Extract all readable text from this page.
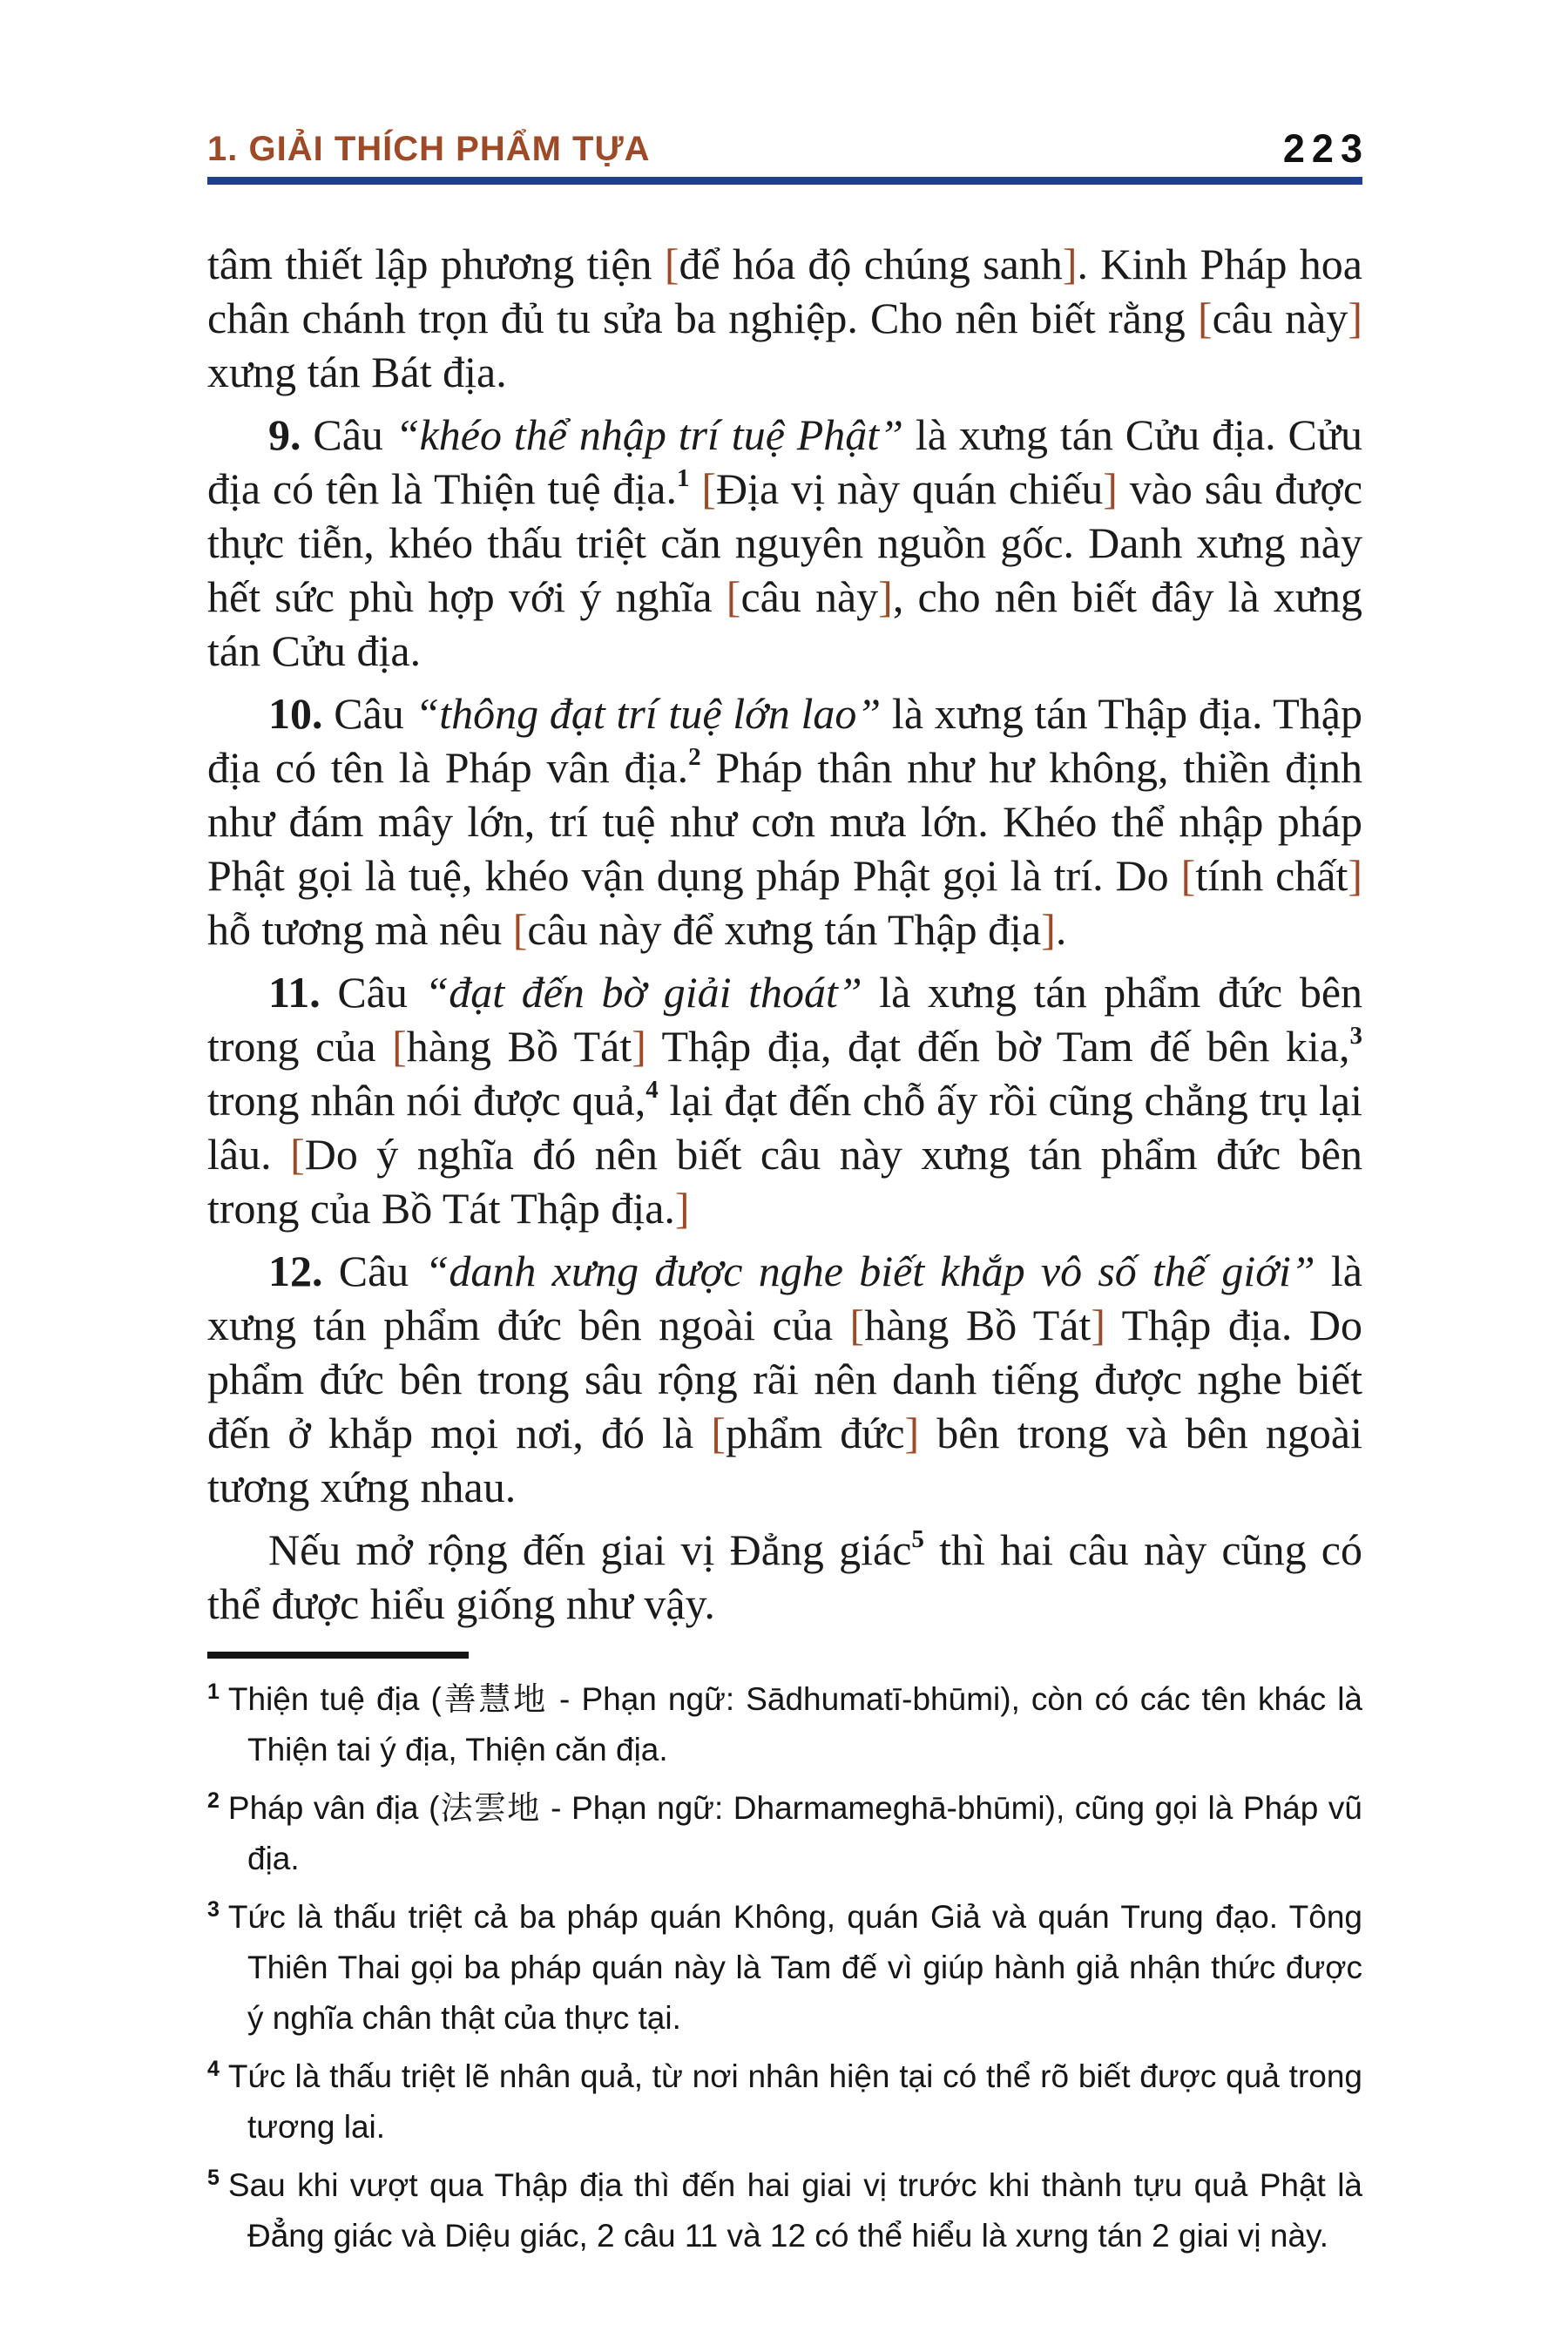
1. GIẢI THÍCH PHẨM TỰA	223

tâm thiết lập phương tiện [để hóa độ chúng sanh]. Kinh Pháp hoa chân chánh trọn đủ tu sửa ba nghiệp. Cho nên biết rằng [câu này] xưng tán Bát địa.

9. Câu “khéo thể nhập trí tuệ Phật” là xưng tán Cửu địa. Cửu địa có tên là Thiện tuệ địa.$^1$ [Địa vị này quán chiếu] vào sâu được thực tiễn, khéo thấu triệt căn nguyên nguồn gốc. Danh xưng này hết sức phù hợp với ý nghĩa [câu này], cho nên biết đây là xưng tán Cửu địa.

10. Câu “thông đạt trí tuệ lớn lao” là xưng tán Thập địa. Thập địa có tên là Pháp vân địa.$^2$ Pháp thân như hư không, thiền định như đám mây lớn, trí tuệ như cơn mưa lớn. Khéo thể nhập pháp Phật gọi là tuệ, khéo vận dụng pháp Phật gọi là trí. Do [tính chất] hỗ tương mà nêu [câu này để xưng tán Thập địa].

11. Câu “đạt đến bờ giải thoát” là xưng tán phẩm đức bên trong của [hàng Bồ Tát] Thập địa, đạt đến bờ Tam đế bên kia,$^3$ trong nhân nói được quả,$^4$ lại đạt đến chỗ ấy rồi cũng chẳng trụ lại lâu. [Do ý nghĩa đó nên biết câu này xưng tán phẩm đức bên trong của Bồ Tát Thập địa.]

12. Câu “danh xưng được nghe biết khắp vô số thế giới” là xưng tán phẩm đức bên ngoài của [hàng Bồ Tát] Thập địa. Do phẩm đức bên trong sâu rộng rãi nên danh tiếng được nghe biết đến ở khắp mọi nơi, đó là [phẩm đức] bên trong và bên ngoài tương xứng nhau.

Nếu mở rộng đến giai vị Đẳng giác$^5$ thì hai câu này cũng có thể được hiểu giống như vậy.

$^1$ Thiện tuệ địa (善慧地 - Phạn ngữ: Sādhumatī-bhūmi), còn có các tên khác là Thiện tai ý địa, Thiện căn địa.

$^2$ Pháp vân địa (法雲地 - Phạn ngữ: Dharmameghā-bhūmi), cũng gọi là Pháp vũ địa.

$^3$ Tức là thấu triệt cả ba pháp quán Không, quán Giả và quán Trung đạo. Tông Thiên Thai gọi ba pháp quán này là Tam đế vì giúp hành giả nhận thức được ý nghĩa chân thật của thực tại.

$^4$ Tức là thấu triệt lẽ nhân quả, từ nơi nhân hiện tại có thể rõ biết được quả trong tương lai.

$^5$ Sau khi vượt qua Thập địa thì đến hai giai vị trước khi thành tựu quả Phật là Đẳng giác và Diệu giác, 2 câu 11 và 12 có thể hiểu là xưng tán 2 giai vị này.
